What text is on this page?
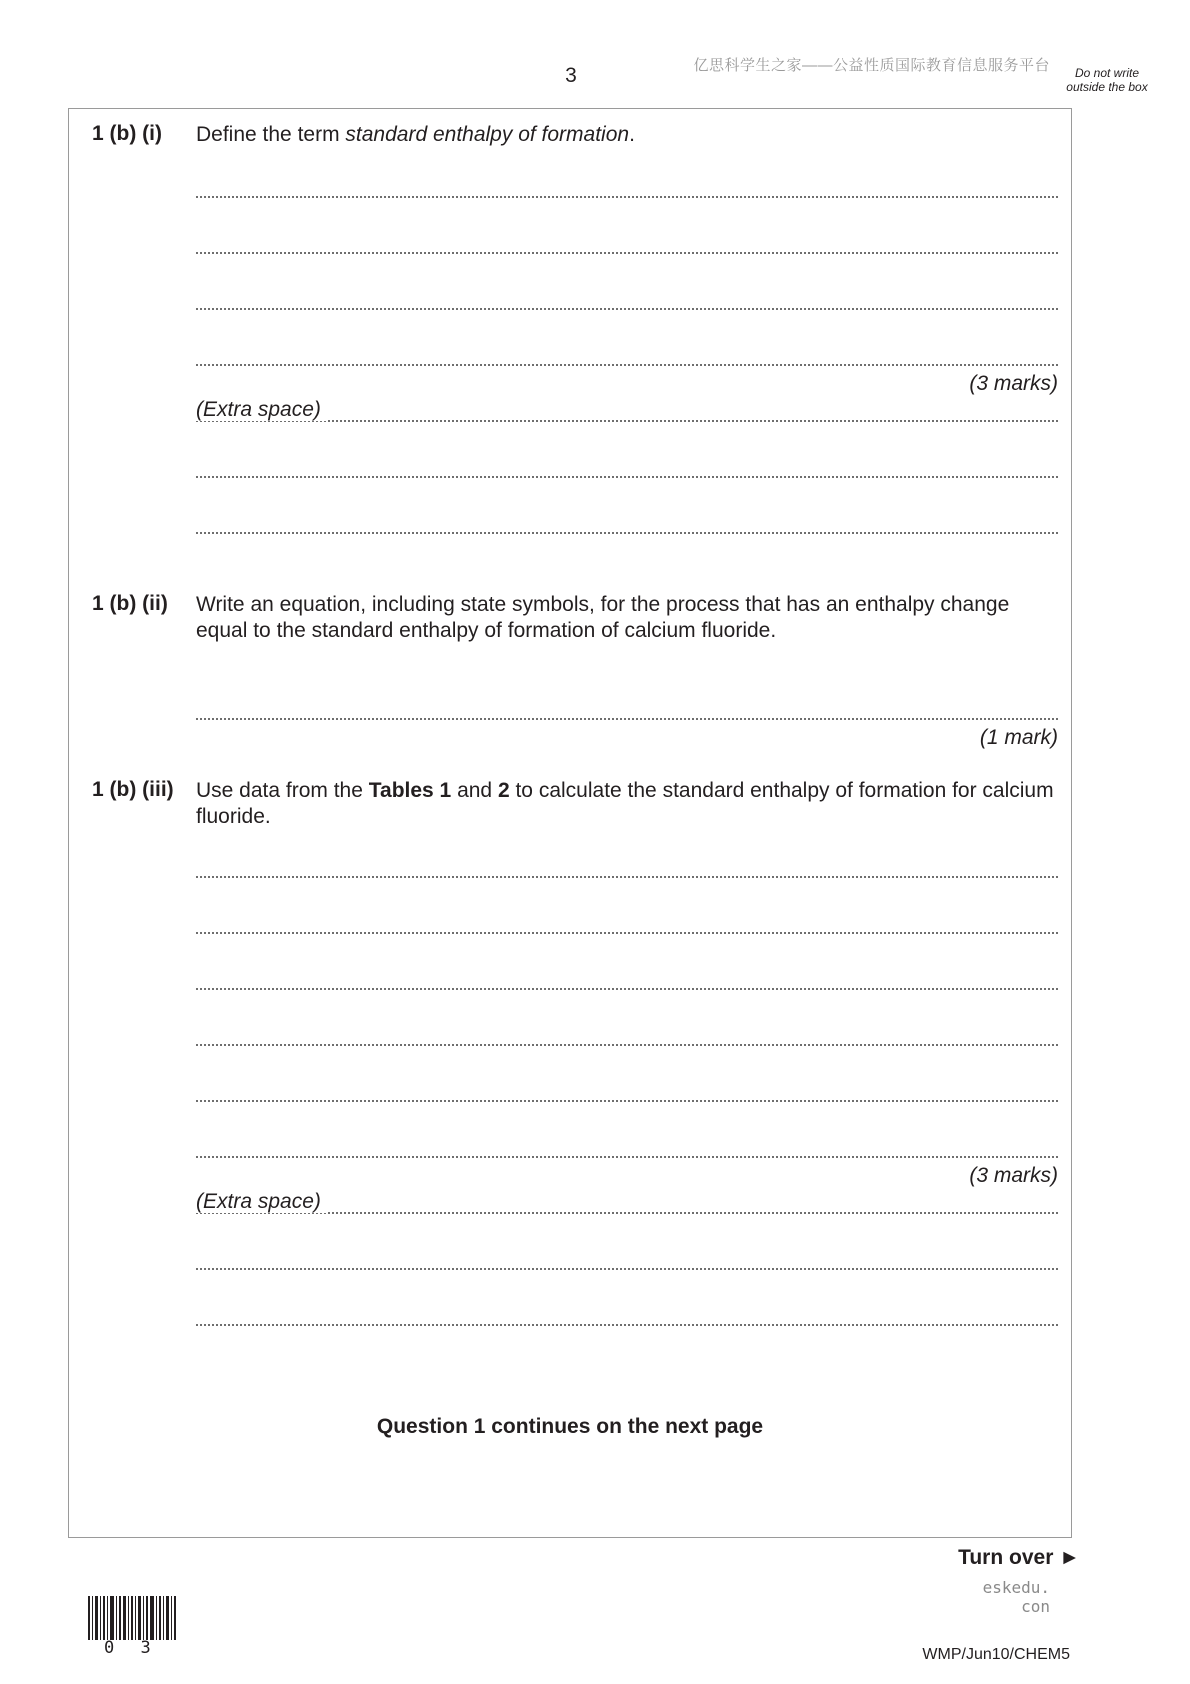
3	亿思科学生之家——公益性质国际教育信息服务平台	Do not write outside the box
1 (b) (i) Define the term standard enthalpy of formation.
(3 marks)
(Extra space)
1 (b) (ii) Write an equation, including state symbols, for the process that has an enthalpy change equal to the standard enthalpy of formation of calcium fluoride.
(1 mark)
1 (b) (iii) Use data from the Tables 1 and 2 to calculate the standard enthalpy of formation for calcium fluoride.
(3 marks)
(Extra space)
Question 1 continues on the next page
Turn over ►
eskedu. con
0 3	WMP/Jun10/CHEM5
